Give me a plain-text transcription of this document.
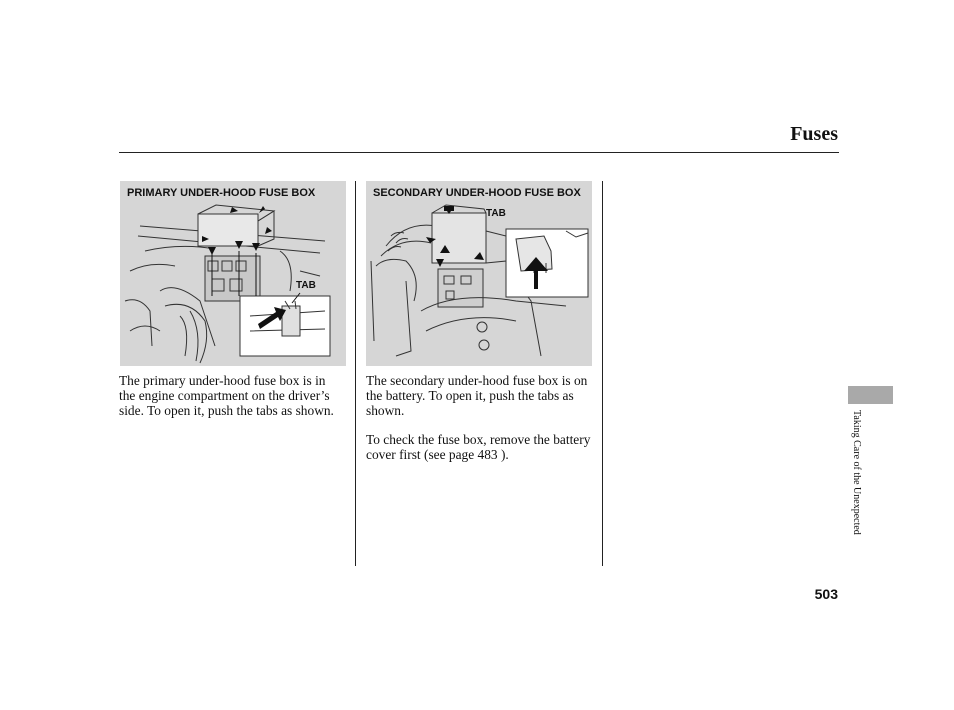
Fuses
PRIMARY UNDER-HOOD FUSE BOX
TAB
SECONDARY UNDER-HOOD FUSE BOX
TAB
The primary under-hood fuse box is in the engine compartment on the driver’s side. To open it, push the tabs as shown.
The secondary under-hood fuse box is on the battery. To open it, push the tabs as shown.
To check the fuse box, remove the battery cover first (see page 483 ).	Taking Care of the Unexpected
503
